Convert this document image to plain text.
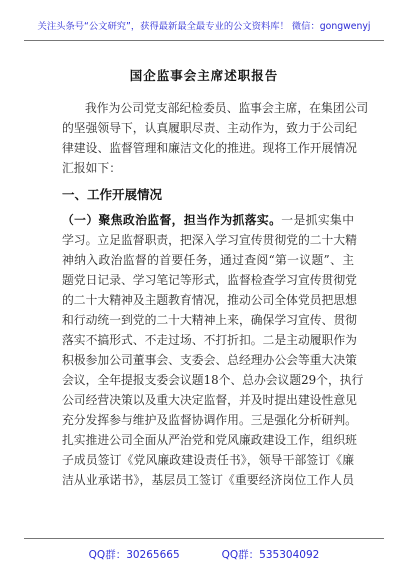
关注头条号“公文研究”，获得最新最全最专业的公文资料库！ 微信：gongwenyj
国企监事会主席述职报告
我作为公司党支部纪检委员、监事会主席，在集团公司
的坚强领导下，认真履职尽责、主动作为，致力于公司纪
律建设、监督管理和廉洁文化的推进。现将工作开展情况
汇报如下：
一、工作开展情况
（一）聚焦政治监督，担当作为抓落实。一是抓实集中
学习。立足监督职责，把深入学习宣传贯彻党的二十大精
神纳入政治监督的首要任务，通过查阅“第一议题”、主
题党日记录、学习笔记等形式，监督检查学习宣传贯彻党
的二十大精神及主题教育情况，推动公司全体党员把思想
和行动统一到党的二十大精神上来，确保学习宣传、贯彻
落实不搞形式、不走过场、不打折扣。二是主动履职作为
积极参加公司董事会、支委会、总经理办公会等重大决策
会议，全年提报支委会议题18个、总办会议题29个，执行
公司经营决策以及重大决定监督，并及时提出建设性意见
充分发挥参与维护及监督协调作用。三是强化分析研判。
扎实推进公司全面从严治党和党风廉政建设工作，组织班
子成员签订《党风廉政建设责任书》，领导干部签订《廉
洁从业承诺书》，基层员工签订《重要经济岗位工作人员
QQ群：30265665	QQ群：535304092
